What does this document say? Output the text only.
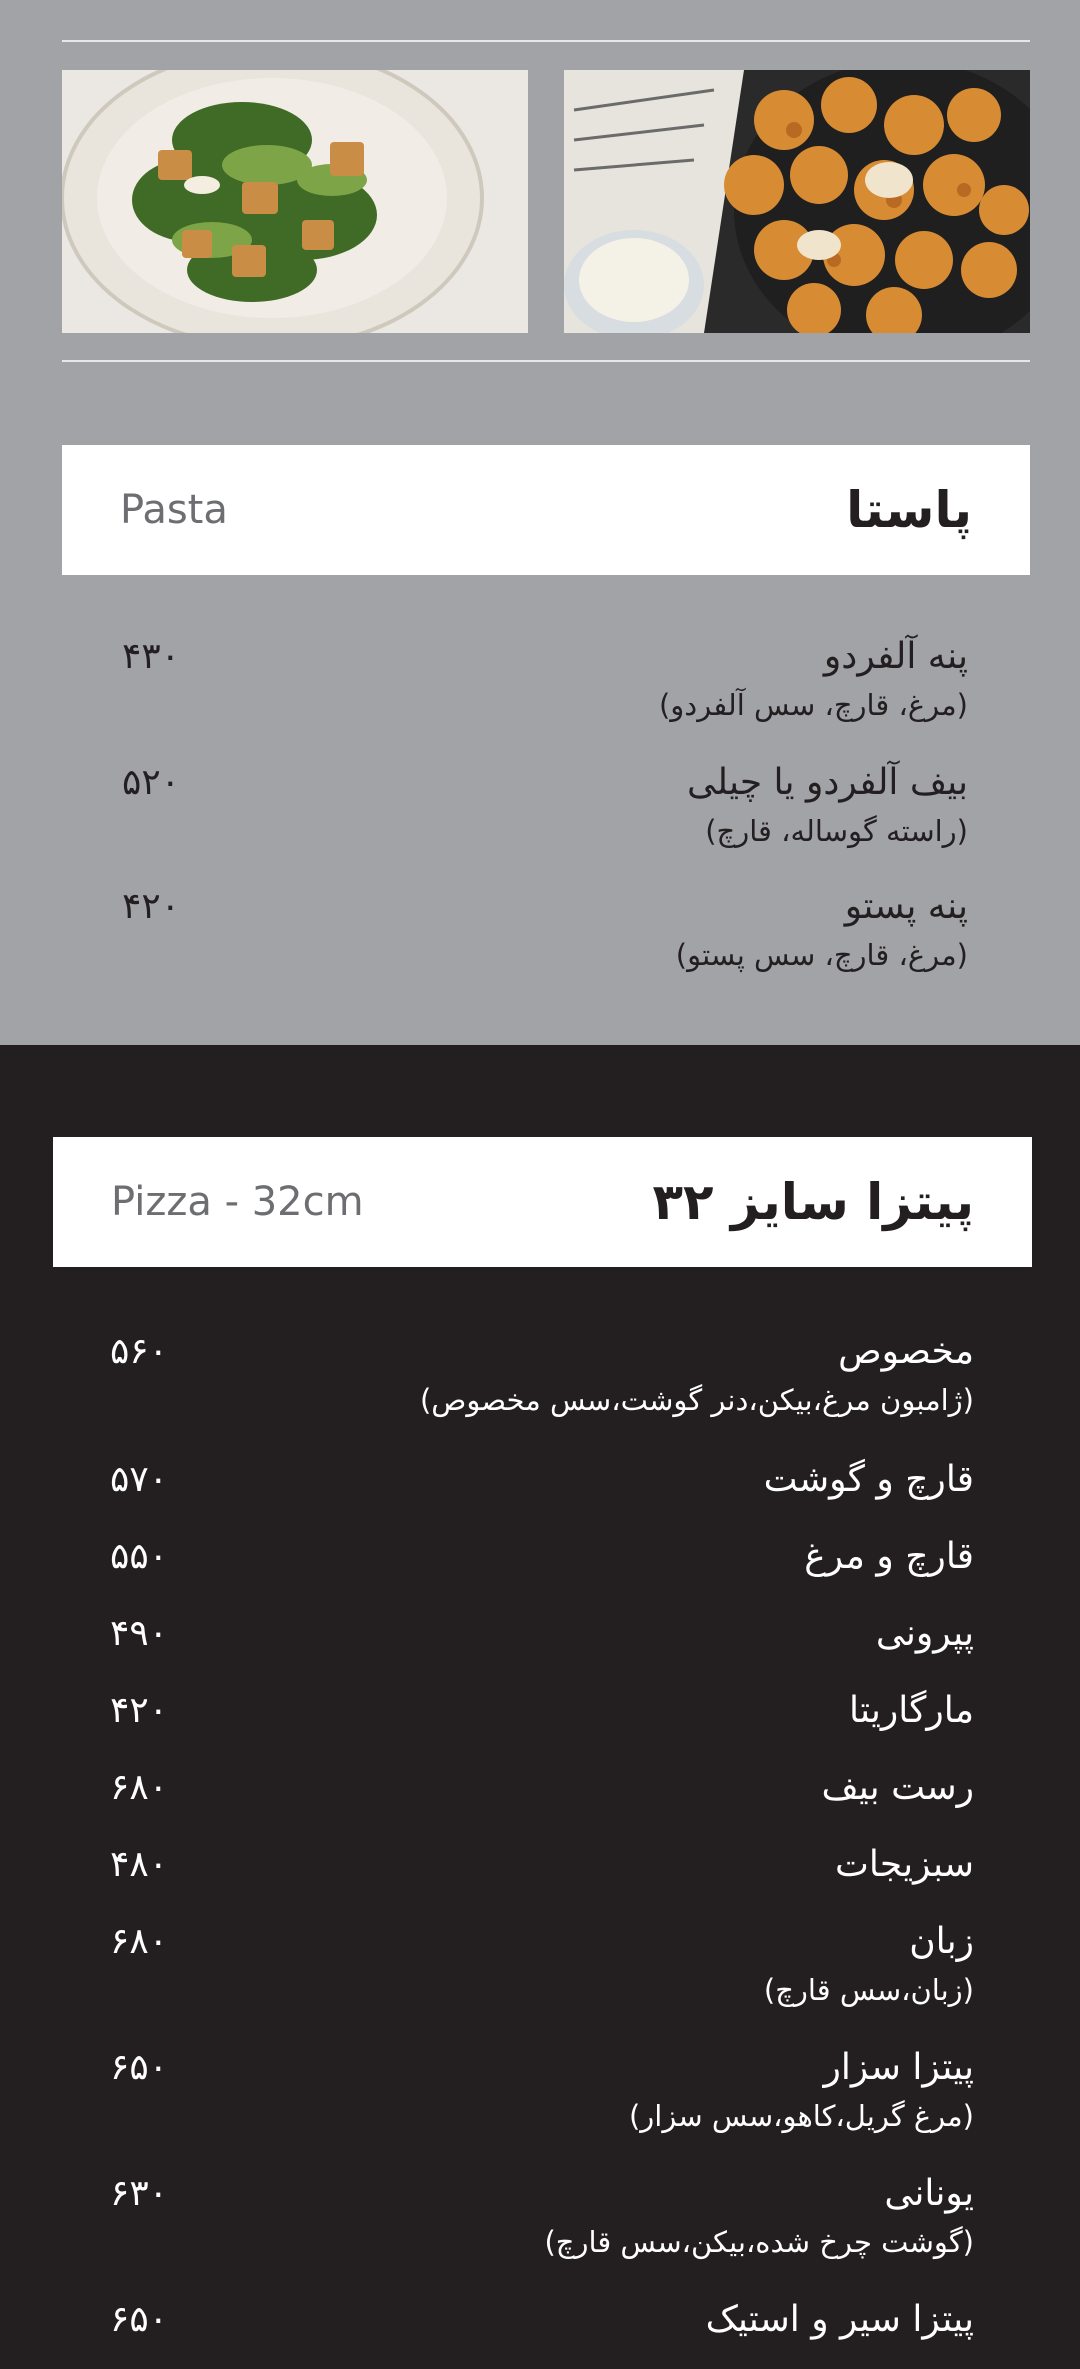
پاستا
Pasta
پنه آلفردو
(مرغ، قارچ، سس آلفردو)
۴۳۰
بیف آلفردو یا چیلی
(راسته گوساله، قارچ)
۵۲۰
پنه پستو
(مرغ، قارچ، سس پستو)
۴۲۰
پیتزا سایز ۳۲
Pizza - 32cm
مخصوص
(ژامبون مرغ،بیکن،دنر گوشت،سس مخصوص)
۵۶۰
قارچ و گوشت
۵۷۰
قارچ و مرغ
۵۵۰
پپرونی
۴۹۰
مارگاریتا
۴۲۰
رست بیف
۶۸۰
سبزیجات
۴۸۰
زبان
(زبان،سس قارچ)
۶۸۰
پیتزا سزار
(مرغ گریل،کاهو،سس سزار)
۶۵۰
یونانی
(گوشت چرخ شده،بیکن،سس قارچ)
۶۳۰
پیتزا سیر و استیک
۶۵۰
